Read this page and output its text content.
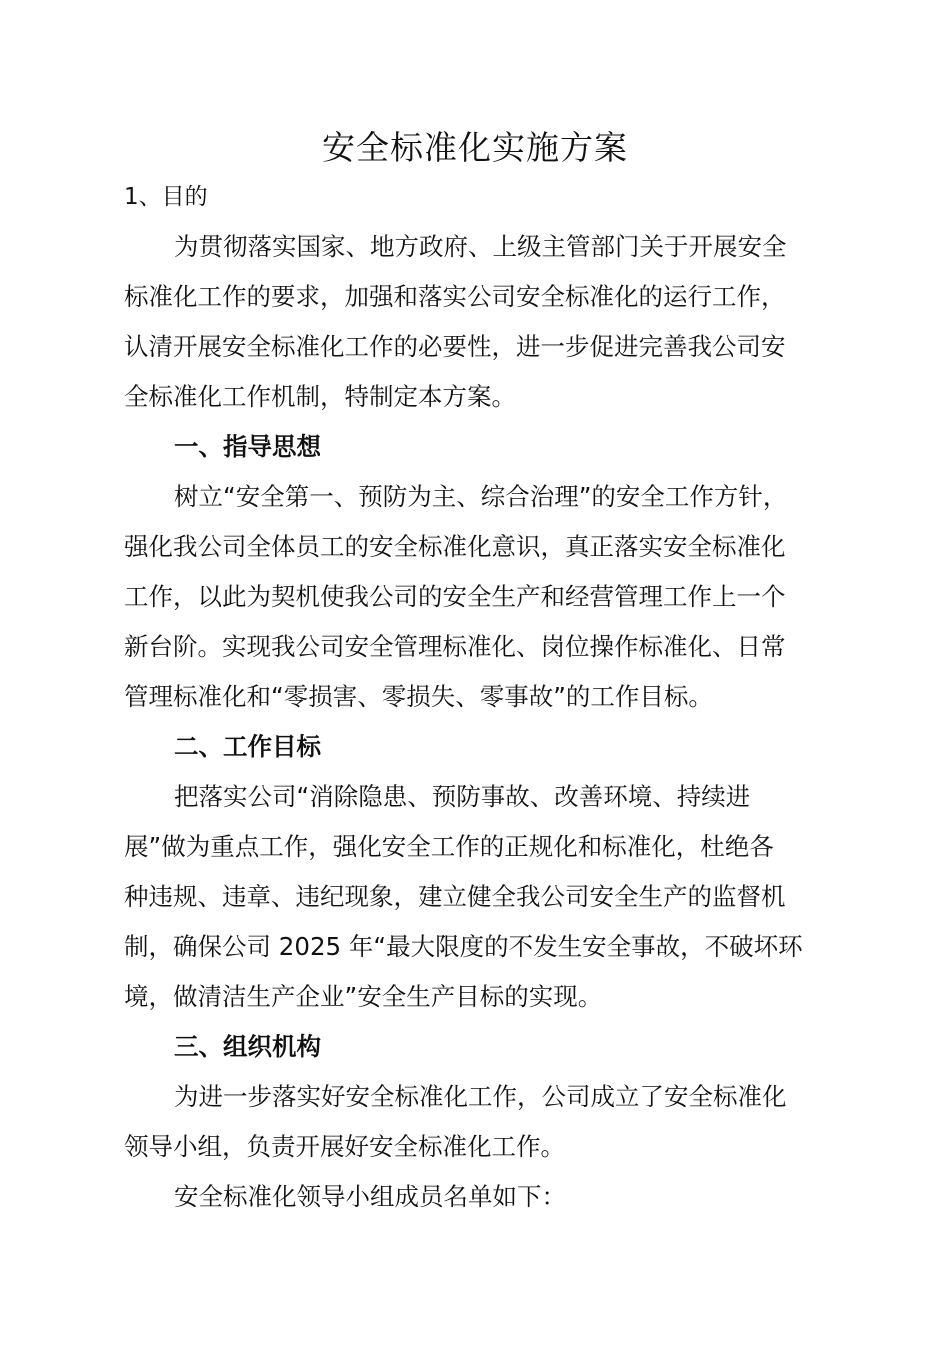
安全标准化实施方案

1、目的

为贯彻落实国家、地方政府、上级主管部门关于开展安全

标准化工作的要求，加强和落实公司安全标准化的运行工作，

认清开展安全标准化工作的必要性，进一步促进完善我公司安

全标准化工作机制，特制定本方案。

一、指导思想

树立“安全第一、预防为主、综合治理”的安全工作方针，

强化我公司全体员工的安全标准化意识，真正落实安全标准化

工作，以此为契机使我公司的安全生产和经营管理工作上一个

新台阶。实现我公司安全管理标准化、岗位操作标准化、日常

管理标准化和“零损害、零损失、零事故”的工作目标。

二、工作目标

把落实公司“消除隐患、预防事故、改善环境、持续进

展”做为重点工作，强化安全工作的正规化和标准化，杜绝各

种违规、违章、违纪现象，建立健全我公司安全生产的监督机

制，确保公司 2025 年“最大限度的不发生安全事故，不破坏环

境，做清洁生产企业”安全生产目标的实现。

三、组织机构

为进一步落实好安全标准化工作，公司成立了安全标准化

领导小组，负责开展好安全标准化工作。

安全标准化领导小组成员名单如下：
